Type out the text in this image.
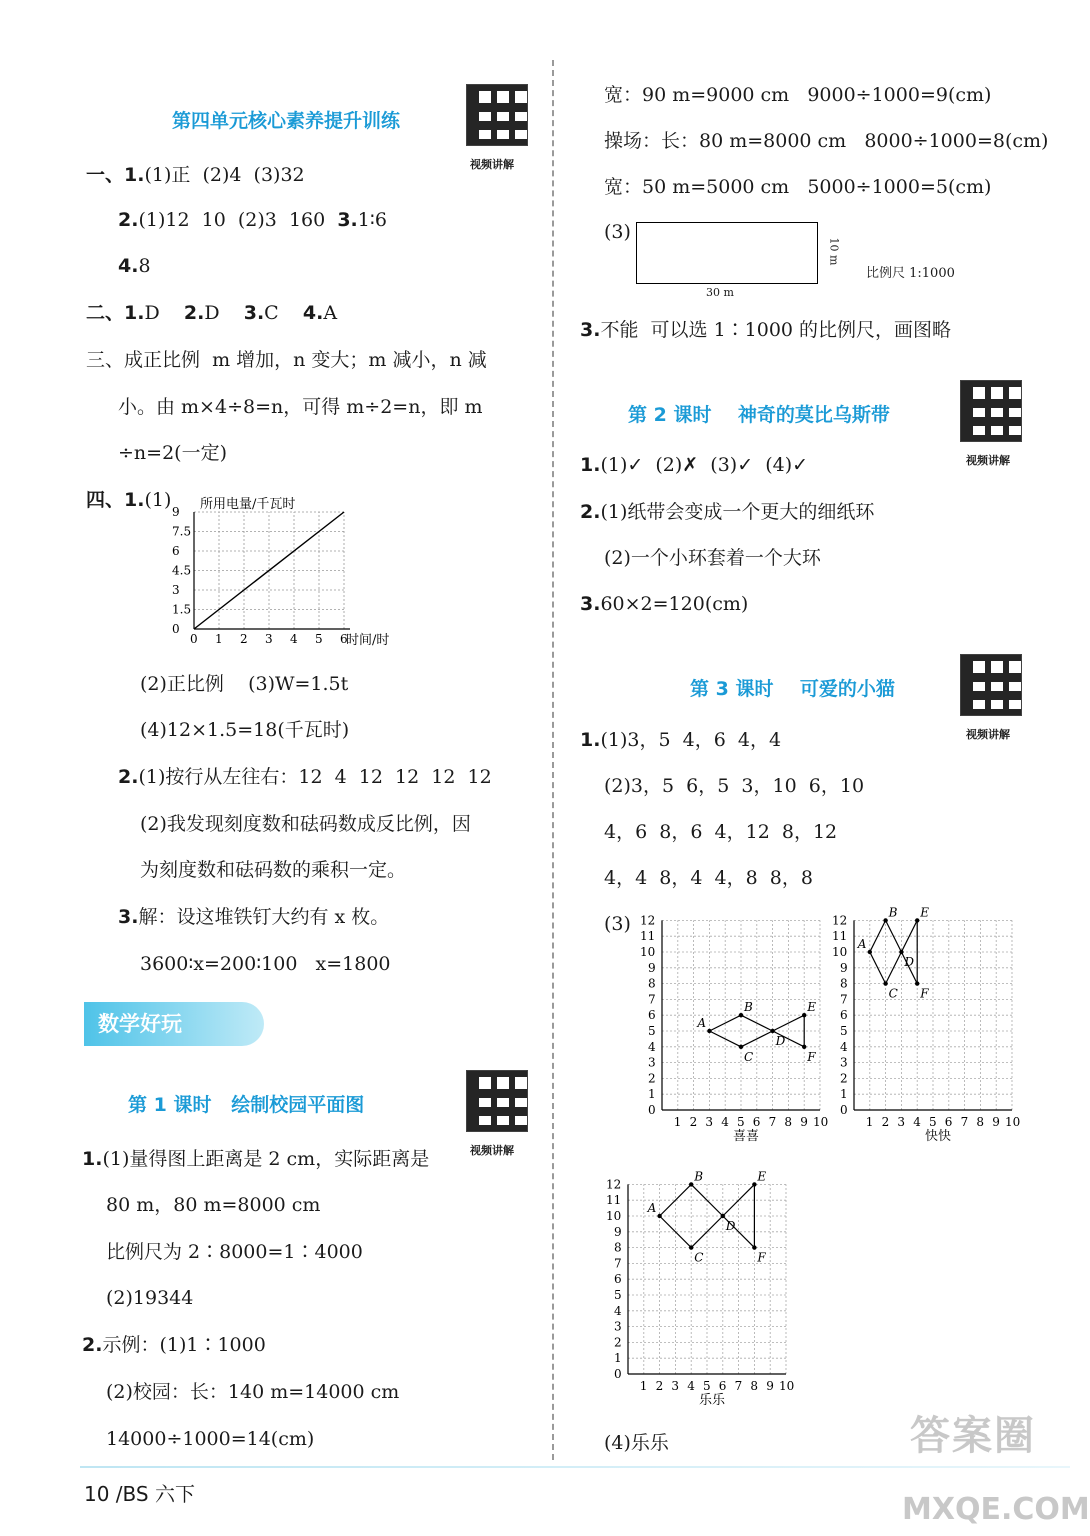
第四单元核心素养提升训练
视频讲解
一、1.(1)正  (2)4  (3)32
2.(1)12  10  (2)3  160 3.1∶6
4.8
二、1.D 2.D 3.C 4.A
三、成正比例  m 增加，n 变大；m 减小，n 减
小。由 m×4÷8=n，可得 m÷2=n，即 m
÷n=2(一定)
四、1.(1) 所用电量/千瓦时
时间/时
0 1 2 3 4 5 6
0
1.5
3
4.5
6
7.5
9
(2)正比例    (3)W=1.5t
(4)12×1.5=18(千瓦时)
2.(1)按行从左往右：12  4  12  12  12  12
(2)我发现刻度数和砝码数成反比例，因
为刻度数和砝码数的乘积一定。
3.解：设这堆铁钉大约有 x 枚。
3600∶x=200∶100   x=1800
数学好玩
第 1 课时   绘制校园平面图
视频讲解
1.(1)量得图上距离是 2 cm，实际距离是
80 m，80 m=8000 cm
比例尺为 2∶8000=1∶4000
(2)19344
2.示例：(1)1∶1000
(2)校园：长：140 m=14000 cm
14000÷1000=14(cm)
宽：90 m=9000 cm   9000÷1000=9(cm)
操场：长：80 m=8000 cm   8000÷1000=8(cm)
宽：50 m=5000 cm   5000÷1000=5(cm)
(3)
30 m
10 m
比例尺 1:1000
3.不能  可以选 1∶1000 的比例尺，画图略
第 2 课时    神奇的莫比乌斯带
视频讲解
1.(1)✓  (2)✗  (3)✓  (4)✓
2.(1)纸带会变成一个更大的细纸环
(2)一个小环套着一个大环
3.60×2=120(cm)
第 3 课时    可爱的小猫
视频讲解
1.(1)3，5  4，6  4，4
(2)3，5  6，5  3，10  6，10
4，6  8，6  4，12  8，12
4，4  8，4  4，8  8，8
(3)
0
1
2
3
4
5
6
7
8
9
10
11
12
1 2 3 4 5 6 7 8 9 10
A
B
C
D
E
F
喜喜
0
1
2
3
4
5
6
7
8
9
10
11
12
1 2 3 4 5 6 7 8 9 10
A
B
C
D
E
F
快快
0
1
2
3
4
5
6
7
8
9
10
11
12
1 2 3 4 5 6 7 8 9 10
A
B
C
D
E
F
乐乐
(4)乐乐
10 /BS 六下
答案圈
MXQE.COM
